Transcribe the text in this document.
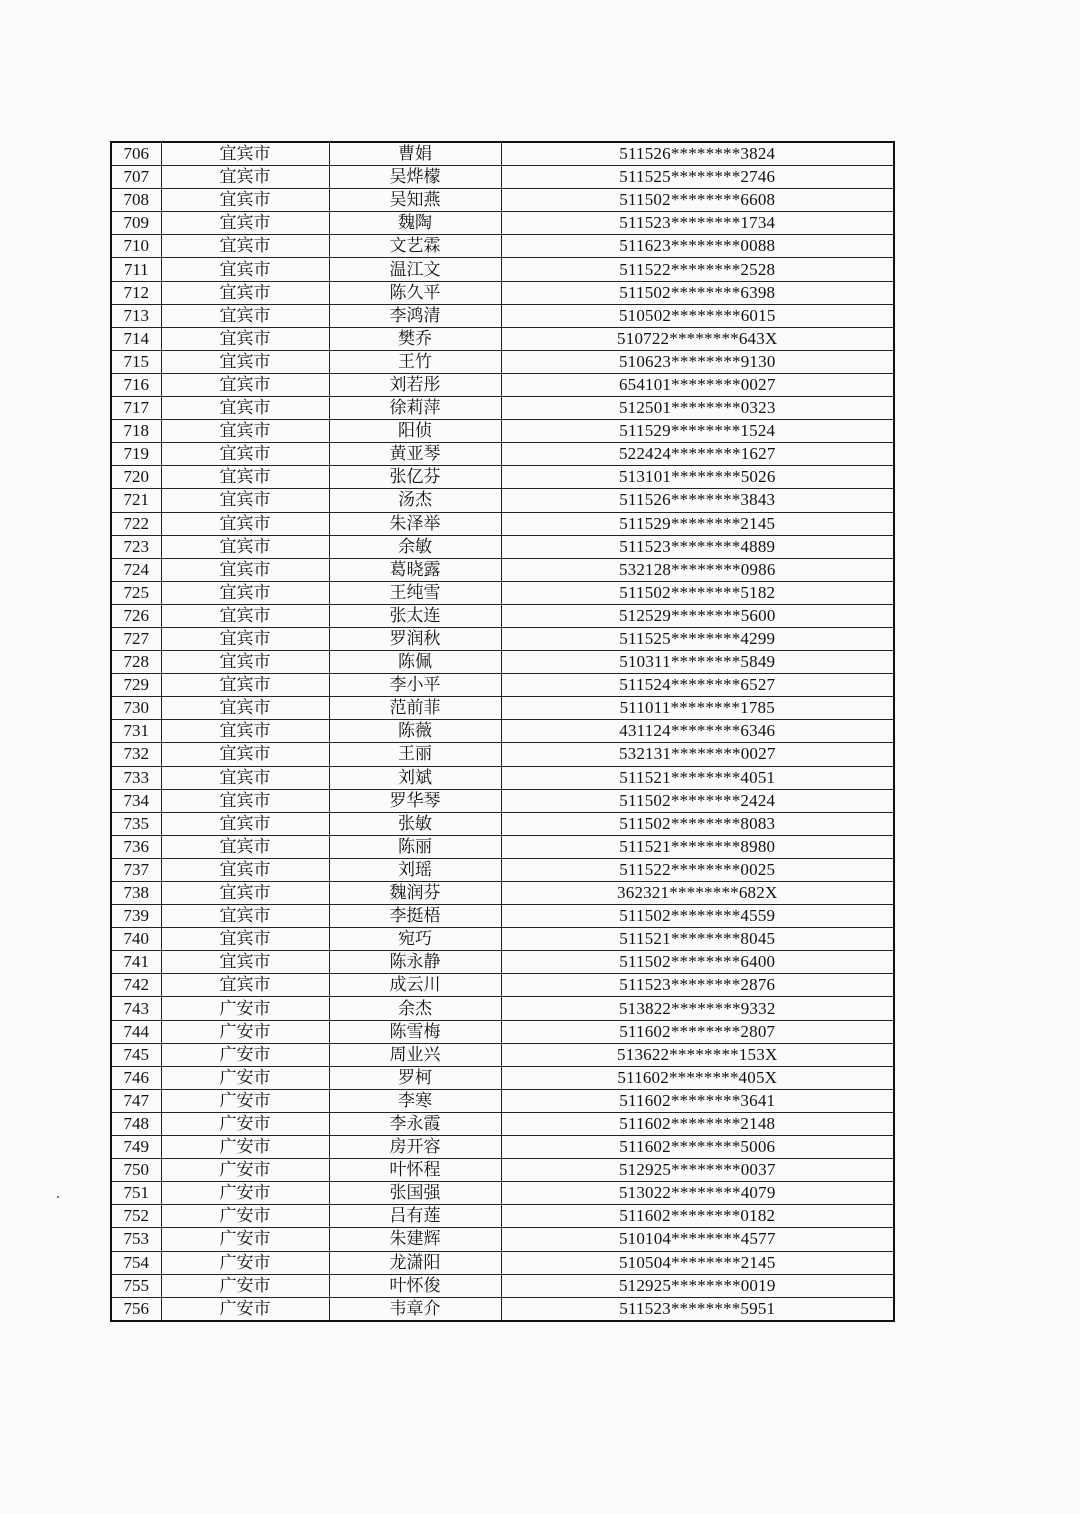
706	宜宾市	曹娟	511526********3824
707	宜宾市	吴烨檬	511525********2746
708	宜宾市	吴知燕	511502********6608
709	宜宾市	魏陶	511523********1734
710	宜宾市	文艺霖	511623********0088
711	宜宾市	温江文	511522********2528
712	宜宾市	陈久平	511502********6398
713	宜宾市	李鸿清	510502********6015
714	宜宾市	樊乔	510722********643X
715	宜宾市	王竹	510623********9130
716	宜宾市	刘若彤	654101********0027
717	宜宾市	徐莉萍	512501********0323
718	宜宾市	阳侦	511529********1524
719	宜宾市	黄亚琴	522424********1627
720	宜宾市	张亿芬	513101********5026
721	宜宾市	汤杰	511526********3843
722	宜宾市	朱泽举	511529********2145
723	宜宾市	余敏	511523********4889
724	宜宾市	葛晓露	532128********0986
725	宜宾市	王纯雪	511502********5182
726	宜宾市	张太连	512529********5600
727	宜宾市	罗润秋	511525********4299
728	宜宾市	陈佩	510311********5849
729	宜宾市	李小平	511524********6527
730	宜宾市	范前菲	511011********1785
731	宜宾市	陈薇	431124********6346
732	宜宾市	王丽	532131********0027
733	宜宾市	刘斌	511521********4051
734	宜宾市	罗华琴	511502********2424
735	宜宾市	张敏	511502********8083
736	宜宾市	陈丽	511521********8980
737	宜宾市	刘瑶	511522********0025
738	宜宾市	魏润芬	362321********682X
739	宜宾市	李挺梧	511502********4559
740	宜宾市	宛巧	511521********8045
741	宜宾市	陈永静	511502********6400
742	宜宾市	成云川	511523********2876
743	广安市	余杰	513822********9332
744	广安市	陈雪梅	511602********2807
745	广安市	周业兴	513622********153X
746	广安市	罗柯	511602********405X
747	广安市	李寒	511602********3641
748	广安市	李永霞	511602********2148
749	广安市	房开容	511602********5006
750	广安市	叶怀程	512925********0037
751	广安市	张国强	513022********4079
752	广安市	吕有莲	511602********0182
753	广安市	朱建辉	510104********4577
754	广安市	龙潇阳	510504********2145
755	广安市	叶怀俊	512925********0019
756	广安市	韦章介	511523********5951
